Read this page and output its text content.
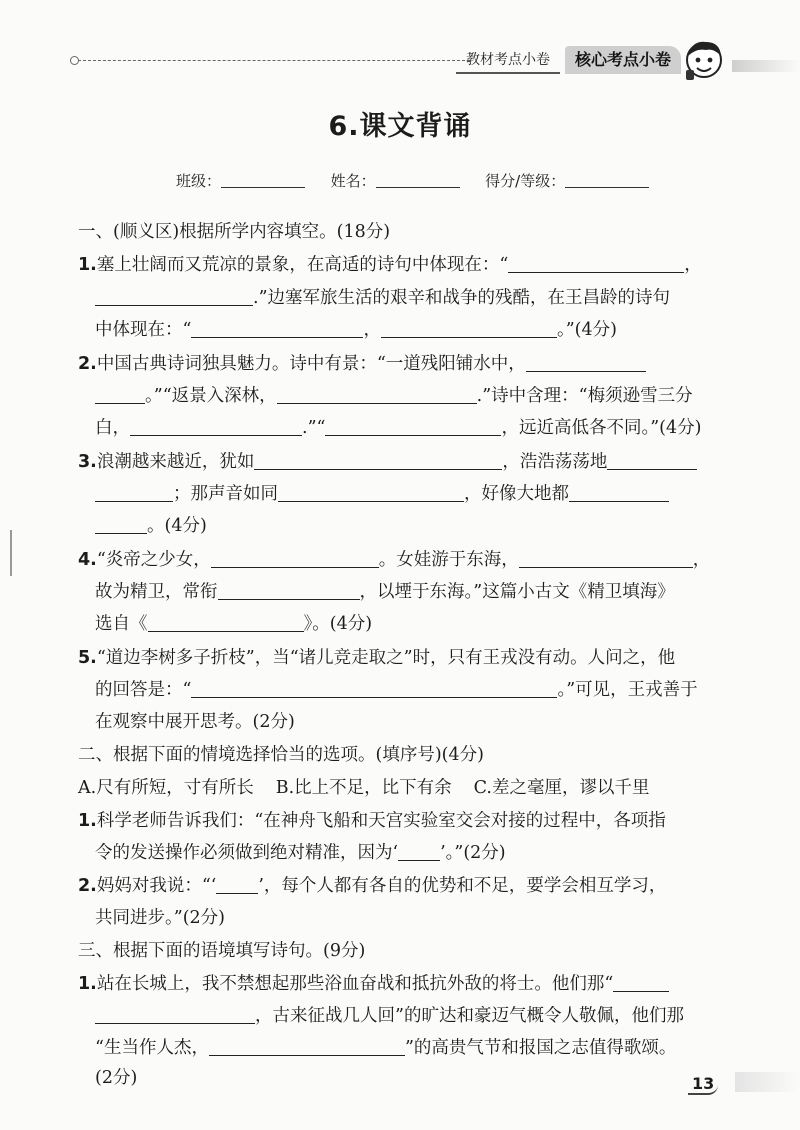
教材考点小卷	核心考点小卷
6.课文背诵
班级：	姓名：	得分/等级：
一、(顺义区)根据所学内容填空。(18分)
1.塞上壮阔而又荒凉的景象，在高适的诗句中体现在：“	，
.”边塞军旅生活的艰辛和战争的残酷，在王昌龄的诗句
中体现在：“	，	。”(4分)
2.中国古典诗词独具魅力。诗中有景：“一道残阳铺水中，
。”“返景入深林，	.”诗中含理：“梅须逊雪三分
白，	.”“	，远近高低各不同。”(4分)
3.浪潮越来越近，犹如	，浩浩荡荡地
；那声音如同	，好像大地都
。(4分)
4.“炎帝之少女，	。女娃游于东海，	，
故为精卫，常衔	，以堙于东海。”这篇小古文《精卫填海》
选自《	》。(4分)
5.“道边李树多子折枝”，当“诸儿竞走取之”时，只有王戎没有动。人问之，他
的回答是：“	。”可见，王戎善于
在观察中展开思考。(2分)
二、根据下面的情境选择恰当的选项。(填序号)(4分)
A.尺有所短，寸有所长 B.比上不足，比下有余 C.差之毫厘，谬以千里
1.科学老师告诉我们：“在神舟飞船和天宫实验室交会对接的过程中，各项指
令的发送操作必须做到绝对精准，因为‘ ’。”(2分)
2.妈妈对我说：“‘ ’，每个人都有各自的优势和不足，要学会相互学习，
共同进步。”(2分)
三、根据下面的语境填写诗句。(9分)
1.站在长城上，我不禁想起那些浴血奋战和抵抗外敌的将士。他们那“
，古来征战几人回”的旷达和豪迈气概令人敬佩，他们那
“生当作人杰，	”的高贵气节和报国之志值得歌颂。
(2分)	13
